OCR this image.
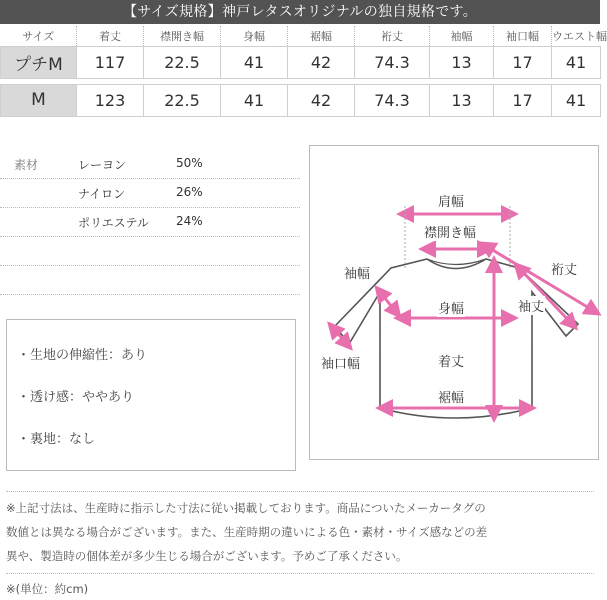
【サイズ規格】神戸レタスオリジナルの独自規格です。
サイズ	着丈	襟開き幅	身幅	裾幅	裄丈	袖幅	袖口幅	ウエスト幅
プチM	117	22.5	41	42	74.3	13	17	41

M	123	22.5	41	42	74.3	13	17	41
素材	レーヨン	50%
ナイロン	26%
ポリエステル 24%
・生地の伸縮性：あり
・透け感：ややあり
・裏地：なし
肩幅
襟開き幅
袖幅	裄丈
袖丈
身幅
袖口幅	着丈
裾幅
※上記寸法は、生産時に指示した寸法に従い掲載しております。商品についたメーカータグの
数値とは異なる場合がございます。また、生産時期の違いによる色・素材・サイズ感などの差
異や、製造時の個体差が多少生じる場合がございます。予めご了承ください。
※(単位：約cm)
